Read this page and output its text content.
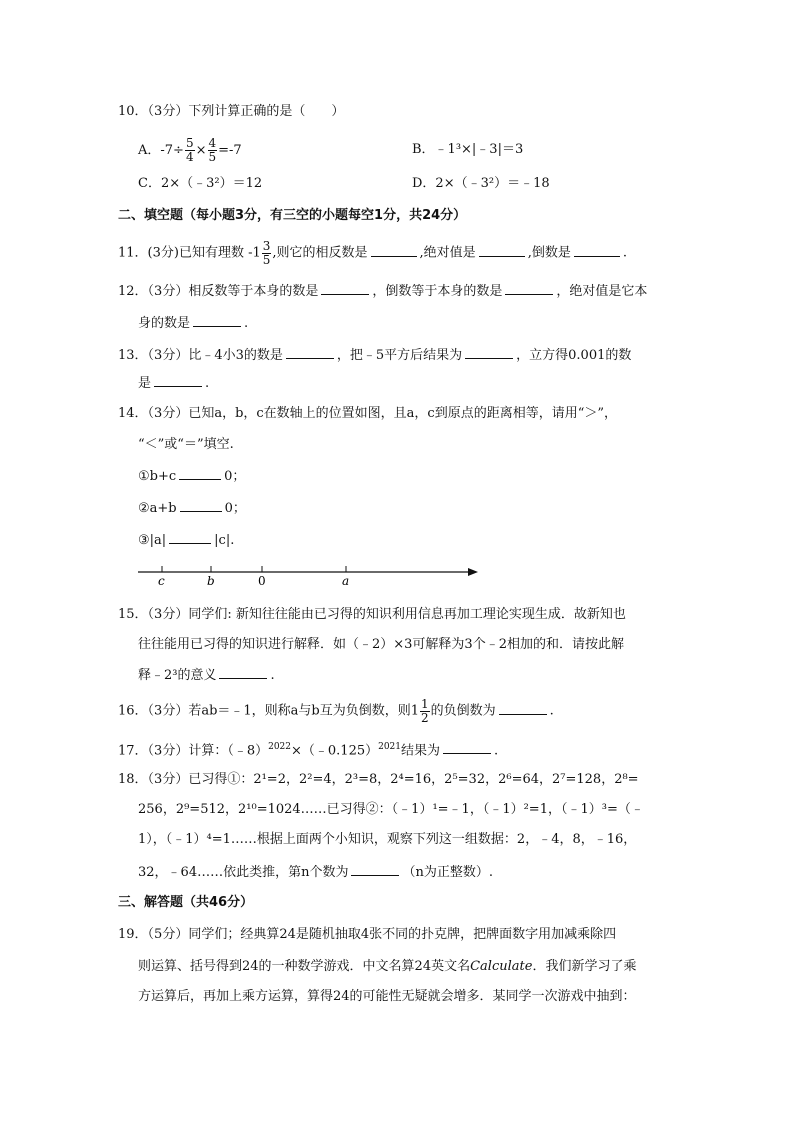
10．（3分）下列计算正确的是（　　）
A．$-7\div \frac{5}{4} \times \frac{4}{5} =-7$	B．﹣1³×|﹣3|＝3
C．2×（﹣3²）＝12	D．2×（﹣3²）＝﹣18
二、填空题（每小题3分，有三空的小题每空1分，共24分）
11．(3分)已知有理数 $-1 \frac{3}{5}$ ,则它的相反数是	,绝对值是	,倒数是	.
12．（3分）相反数等于本身的数是	，倒数等于本身的数是	，绝对值是它本
身的数是	.
13．（3分）比﹣4小3的数是	，把﹣5平方后结果为	，立方得0.001的数
是	.
14．（3分）已知a，b，c在数轴上的位置如图，且a，c到原点的距离相等，请用“＞”，
“＜”或“＝”填空.
①b+c	0；
②a+b	0；
③|a|	|c|.
c	b	0	a
15．（3分）同学们: 新知往往能由已习得的知识利用信息再加工理论实现生成．故新知也
往往能用已习得的知识进行解释．如（﹣2）×3可解释为3个﹣2相加的和．请按此解
释﹣2³的意义	.
16．（3分）若ab＝﹣1，则称a与b互为负倒数，则$1 \frac{1}{2}$ 的负倒数为	.
17．（3分）计算：（﹣8）$^{2022}$×（﹣0.125）$^{2021}$结果为	.
18．（3分）已习得①：2¹=2，2²=4，2³=8，2⁴=16，2⁵=32，2⁶=64，2⁷=128，2⁸=
256，2⁹=512，2¹⁰=1024……已习得②：（﹣1）¹=﹣1，（﹣1）²=1，（﹣1）³=（﹣
1），（﹣1）⁴=1……根据上面两个小知识，观察下列这一组数据：2，﹣4，8，﹣16，
32，﹣64……依此类推，第n个数为	（n为正整数）.
三、解答题（共46分）
19．（5分）同学们；经典算24是随机抽取4张不同的扑克牌，把牌面数字用加减乘除四
则运算、括号得到24的一种数学游戏．中文名算24英文名Calculate．我们新学习了乘
方运算后，再加上乘方运算，算得24的可能性无疑就会增多．某同学一次游戏中抽到：
